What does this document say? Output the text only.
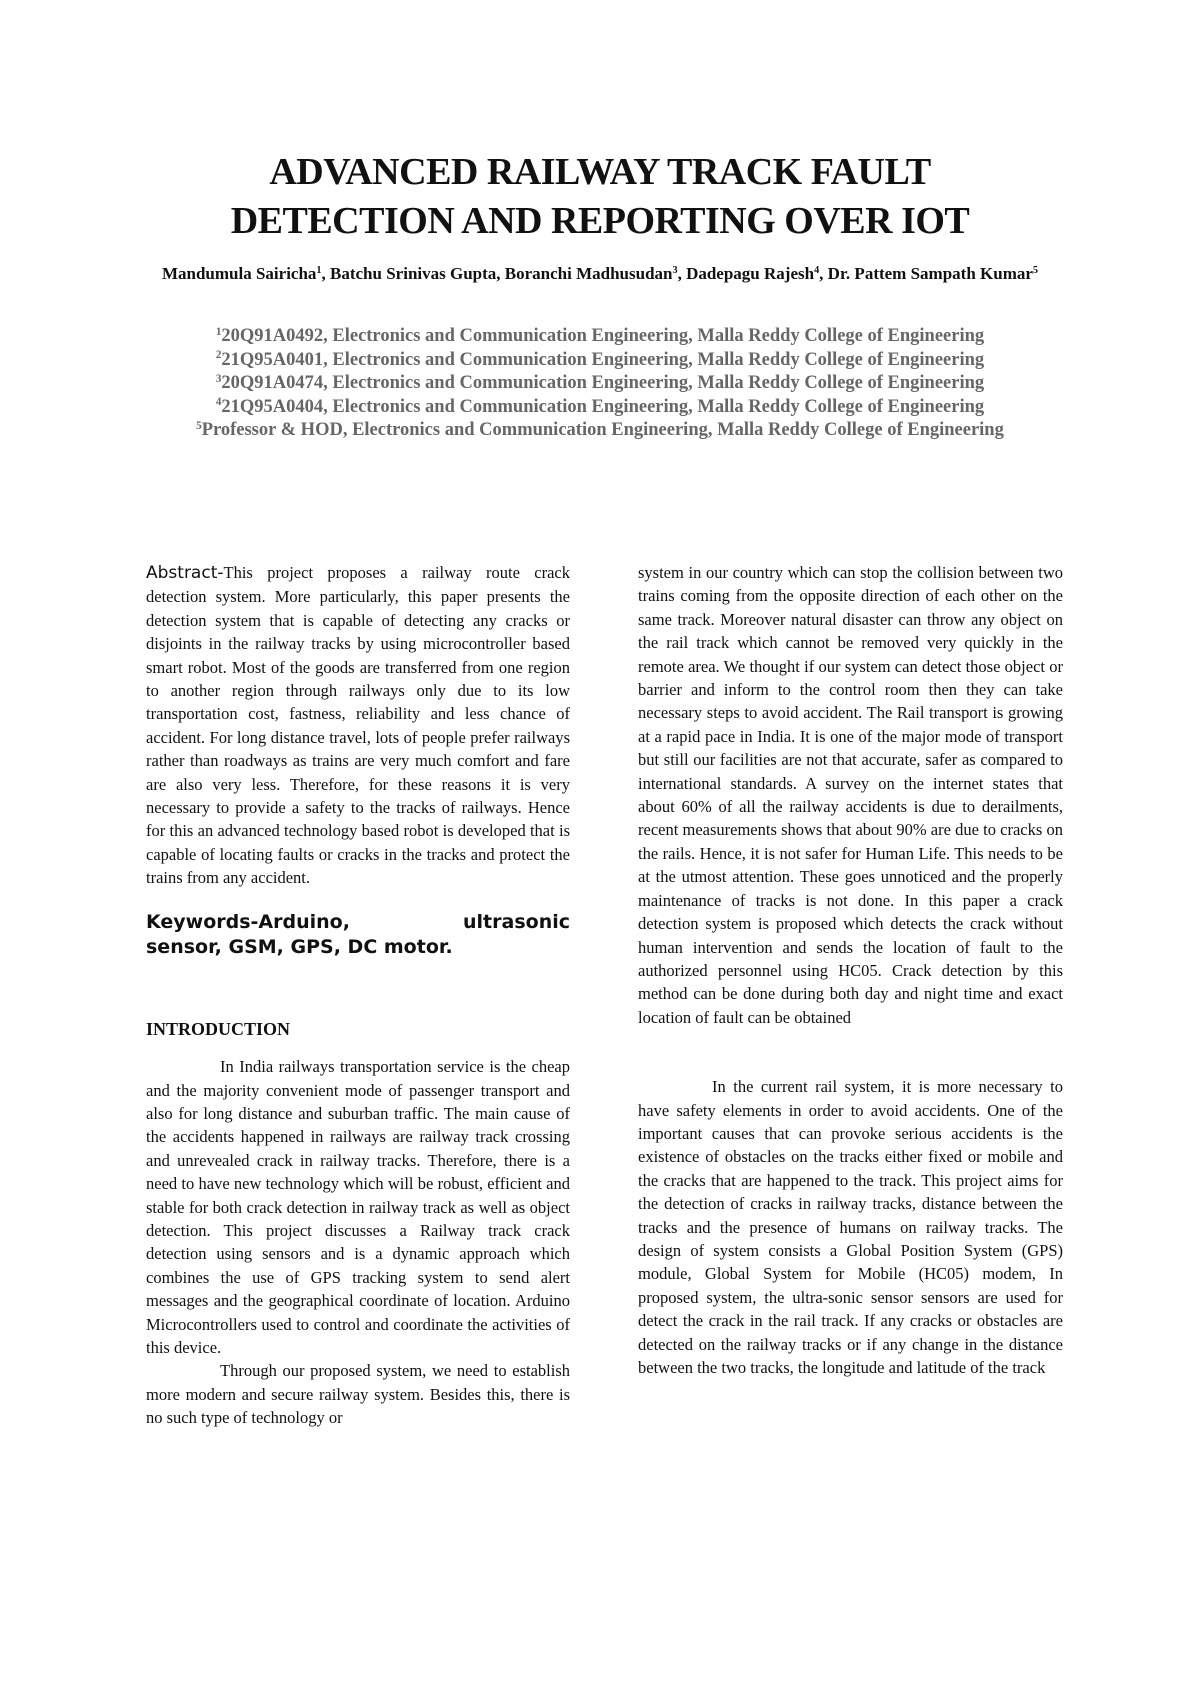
ADVANCED RAILWAY TRACK FAULT
DETECTION AND REPORTING OVER IOT
Mandumula Sairicha$^1$, Batchu Srinivas Gupta, Boranchi Madhusudan$^3$, Dadepagu Rajesh$^4$, Dr. Pattem Sampath Kumar$^5$
$^1$20Q91A0492, Electronics and Communication Engineering, Malla Reddy College of Engineering
$^2$21Q95A0401, Electronics and Communication Engineering, Malla Reddy College of Engineering
$^3$20Q91A0474, Electronics and Communication Engineering, Malla Reddy College of Engineering
$^4$21Q95A0404, Electronics and Communication Engineering, Malla Reddy College of Engineering
$^5$Professor & HOD, Electronics and Communication Engineering, Malla Reddy College of Engineering

Abstract-This project proposes a railway route crack detection system. More particularly, this paper presents the detection system that is capable of detecting any cracks or disjoints in the railway tracks by using microcontroller based smart robot. Most of the goods are transferred from one region to another region through railways only due to its low transportation cost, fastness, reliability and less chance of accident. For long distance travel, lots of people prefer railways rather than roadways as trains are very much comfort and fare are also very less. Therefore, for these reasons it is very necessary to provide a safety to the tracks of railways. Hence for this an advanced technology based robot is developed that is capable of locating faults or cracks in the tracks and protect the trains from any accident.

Keywords-Arduino,	ultrasonic
sensor, GSM, GPS, DC motor.

INTRODUCTION

In India railways transportation service is the cheap and the majority convenient mode of passenger transport and also for long distance and suburban traffic. The main cause of the accidents happened in railways are railway track crossing and unrevealed crack in railway tracks. Therefore, there is a need to have new technology which will be robust, efficient and stable for both crack detection in railway track as well as object detection. This project discusses a Railway track crack detection using sensors and is a dynamic approach which combines the use of GPS tracking system to send alert messages and the geographical coordinate of location. Arduino Microcontrollers used to control and coordinate the activities of this device.

Through our proposed system, we need to establish more modern and secure railway system. Besides this, there is no such type of technology or

system in our country which can stop the collision between two trains coming from the opposite direction of each other on the same track. Moreover natural disaster can throw any object on the rail track which cannot be removed very quickly in the remote area. We thought if our system can detect those object or barrier and inform to the control room then they can take necessary steps to avoid accident. The Rail transport is growing at a rapid pace in India. It is one of the major mode of transport but still our facilities are not that accurate, safer as compared to international standards. A survey on the internet states that about 60% of all the railway accidents is due to derailments, recent measurements shows that about 90% are due to cracks on the rails. Hence, it is not safer for Human Life. This needs to be at the utmost attention. These goes unnoticed and the properly maintenance of tracks is not done. In this paper a crack detection system is proposed which detects the crack without human intervention and sends the location of fault to the authorized personnel using HC05. Crack detection by this method can be done during both day and night time and exact location of fault can be obtained

In the current rail system, it is more necessary to have safety elements in order to avoid accidents. One of the important causes that can provoke serious accidents is the existence of obstacles on the tracks either fixed or mobile and the cracks that are happened to the track. This project aims for the detection of cracks in railway tracks, distance between the tracks and the presence of humans on railway tracks. The design of system consists a Global Position System (GPS) module, Global System for Mobile (HC05) modem, In proposed system, the ultra-sonic sensor sensors are used for detect the crack in the rail track. If any cracks or obstacles are detected on the railway tracks or if any change in the distance between the two tracks, the longitude and latitude of the track
